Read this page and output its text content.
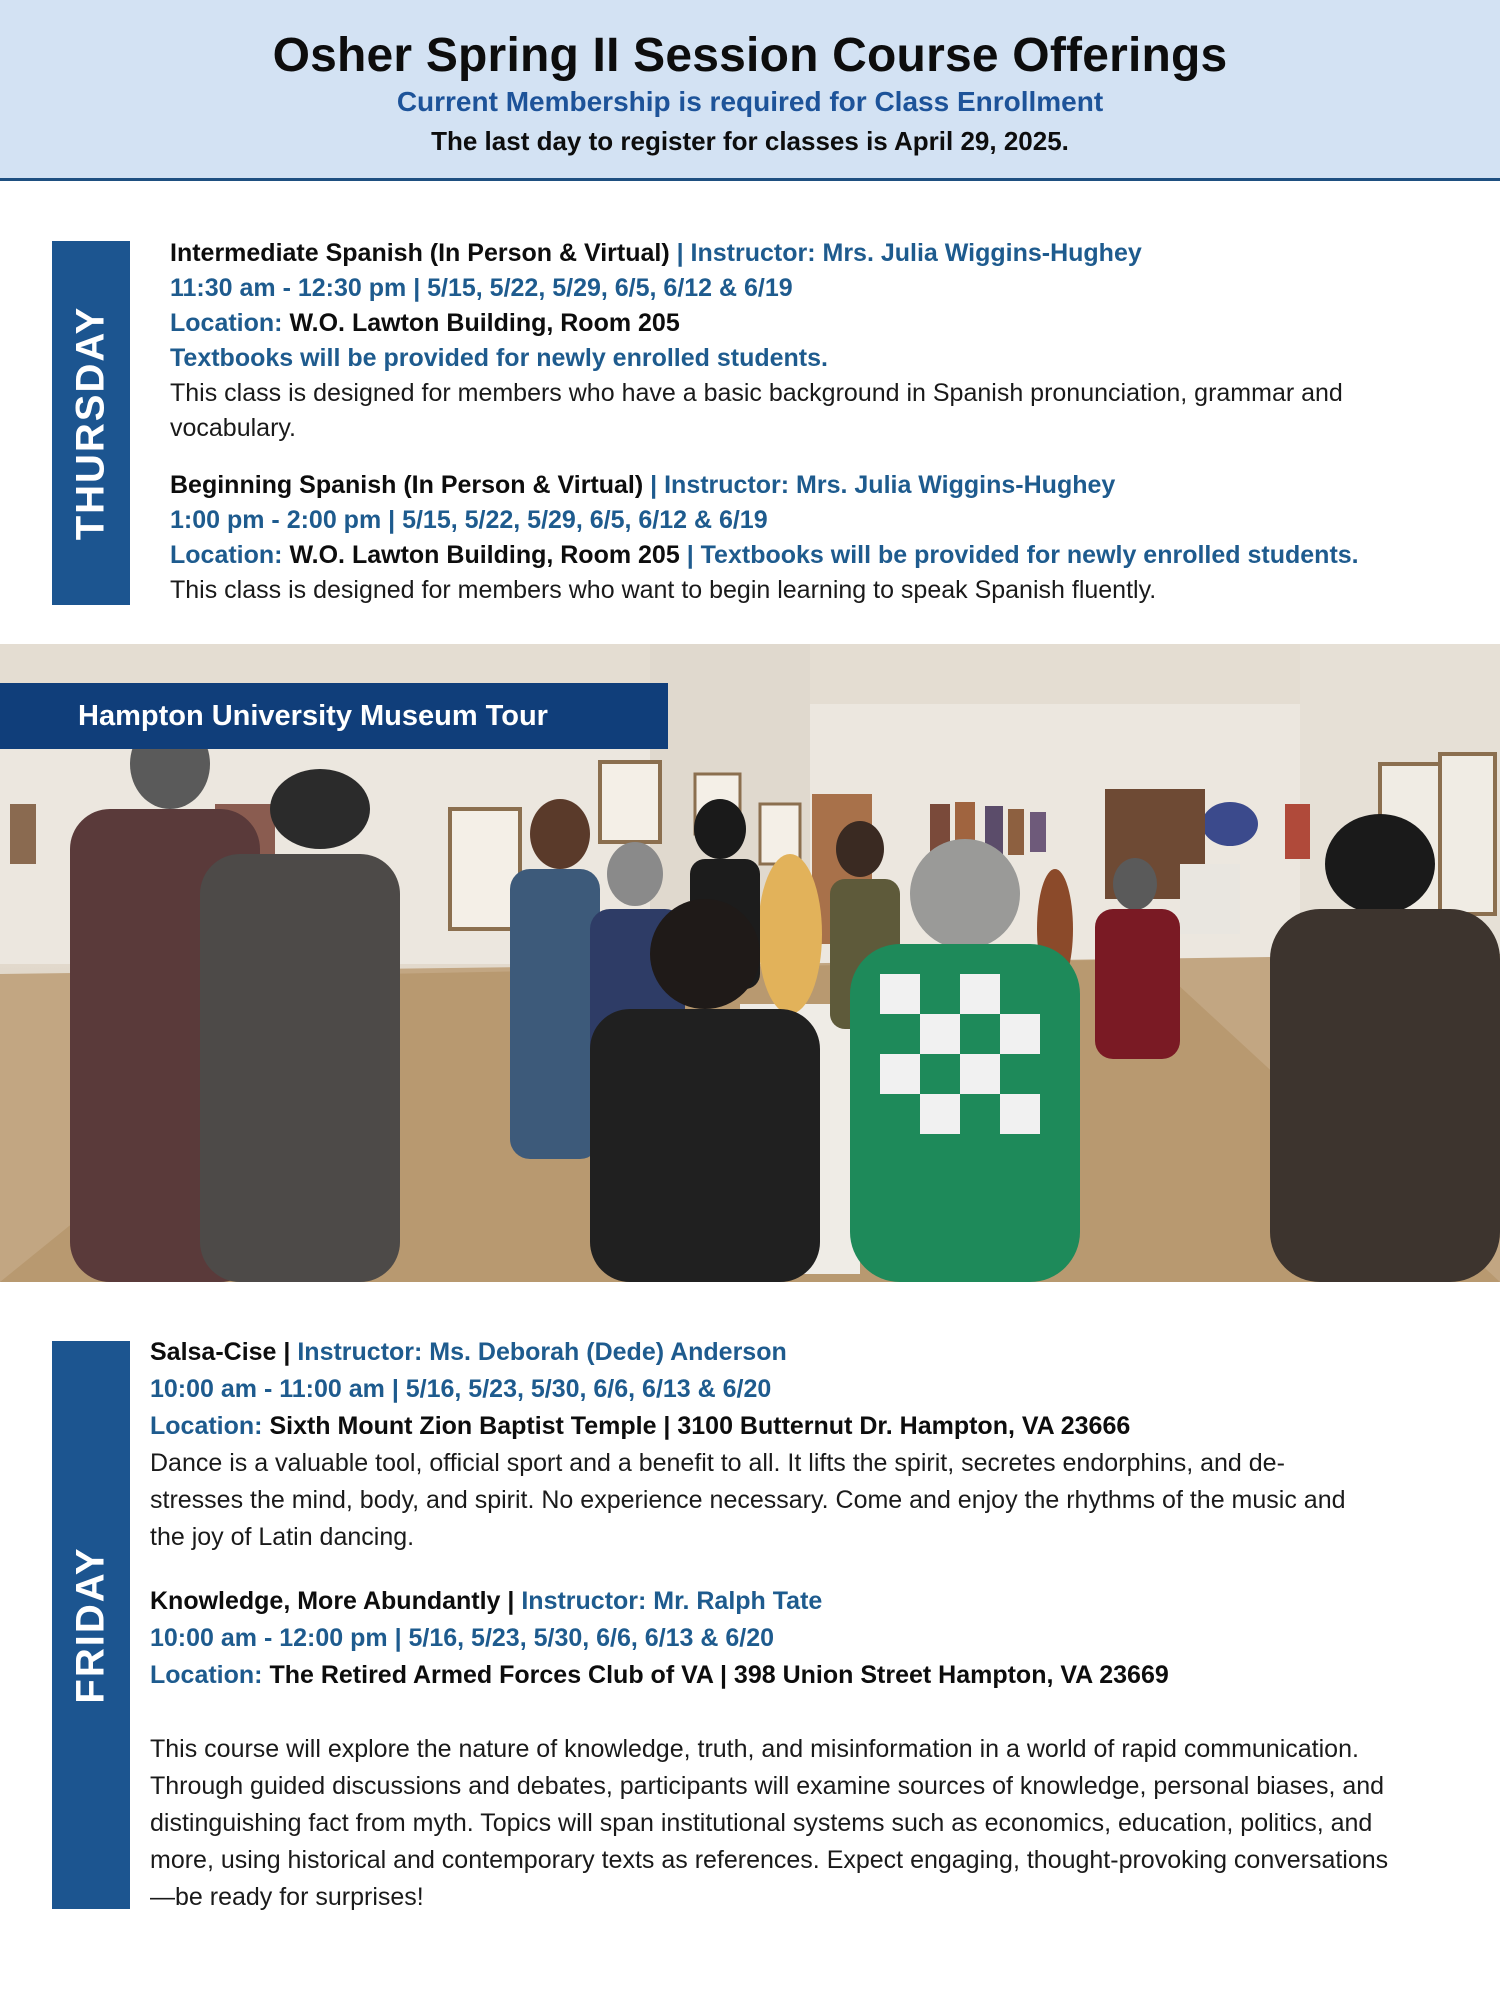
Osher Spring II Session Course Offerings
Current Membership is required for Class Enrollment
The last day to register for classes is April 29, 2025.
THURSDAY
Intermediate Spanish (In Person & Virtual) | Instructor: Mrs. Julia Wiggins-Hughey
11:30 am - 12:30 pm | 5/15, 5/22, 5/29, 6/5, 6/12 & 6/19
Location: W.O. Lawton Building, Room 205
Textbooks will be provided for newly enrolled students.
This class is designed for members who have a basic background in Spanish pronunciation, grammar and vocabulary.
Beginning Spanish (In Person & Virtual) | Instructor: Mrs. Julia Wiggins-Hughey
1:00 pm - 2:00 pm | 5/15, 5/22, 5/29, 6/5, 6/12 & 6/19
Location: W.O. Lawton Building, Room 205 | Textbooks will be provided for newly enrolled students.
This class is designed for members who want to begin learning to speak Spanish fluently.
Hampton University Museum Tour
FRIDAY
Salsa-Cise | Instructor: Ms. Deborah (Dede) Anderson
10:00 am - 11:00 am | 5/16, 5/23, 5/30, 6/6, 6/13 & 6/20
Location: Sixth Mount Zion Baptist Temple | 3100 Butternut Dr. Hampton, VA 23666
Dance is a valuable tool, official sport and a benefit to all. It lifts the spirit, secretes endorphins, and de-stresses the mind, body, and spirit. No experience necessary. Come and enjoy the rhythms of the music and the joy of Latin dancing.
Knowledge, More Abundantly | Instructor: Mr. Ralph Tate
10:00 am - 12:00 pm | 5/16, 5/23, 5/30, 6/6, 6/13 & 6/20
Location: The Retired Armed Forces Club of VA | 398 Union Street Hampton, VA 23669
This course will explore the nature of knowledge, truth, and misinformation in a world of rapid communication. Through guided discussions and debates, participants will examine sources of knowledge, personal biases, and distinguishing fact from myth. Topics will span institutional systems such as economics, education, politics, and more, using historical and contemporary texts as references. Expect engaging, thought-provoking conversations—be ready for surprises!
